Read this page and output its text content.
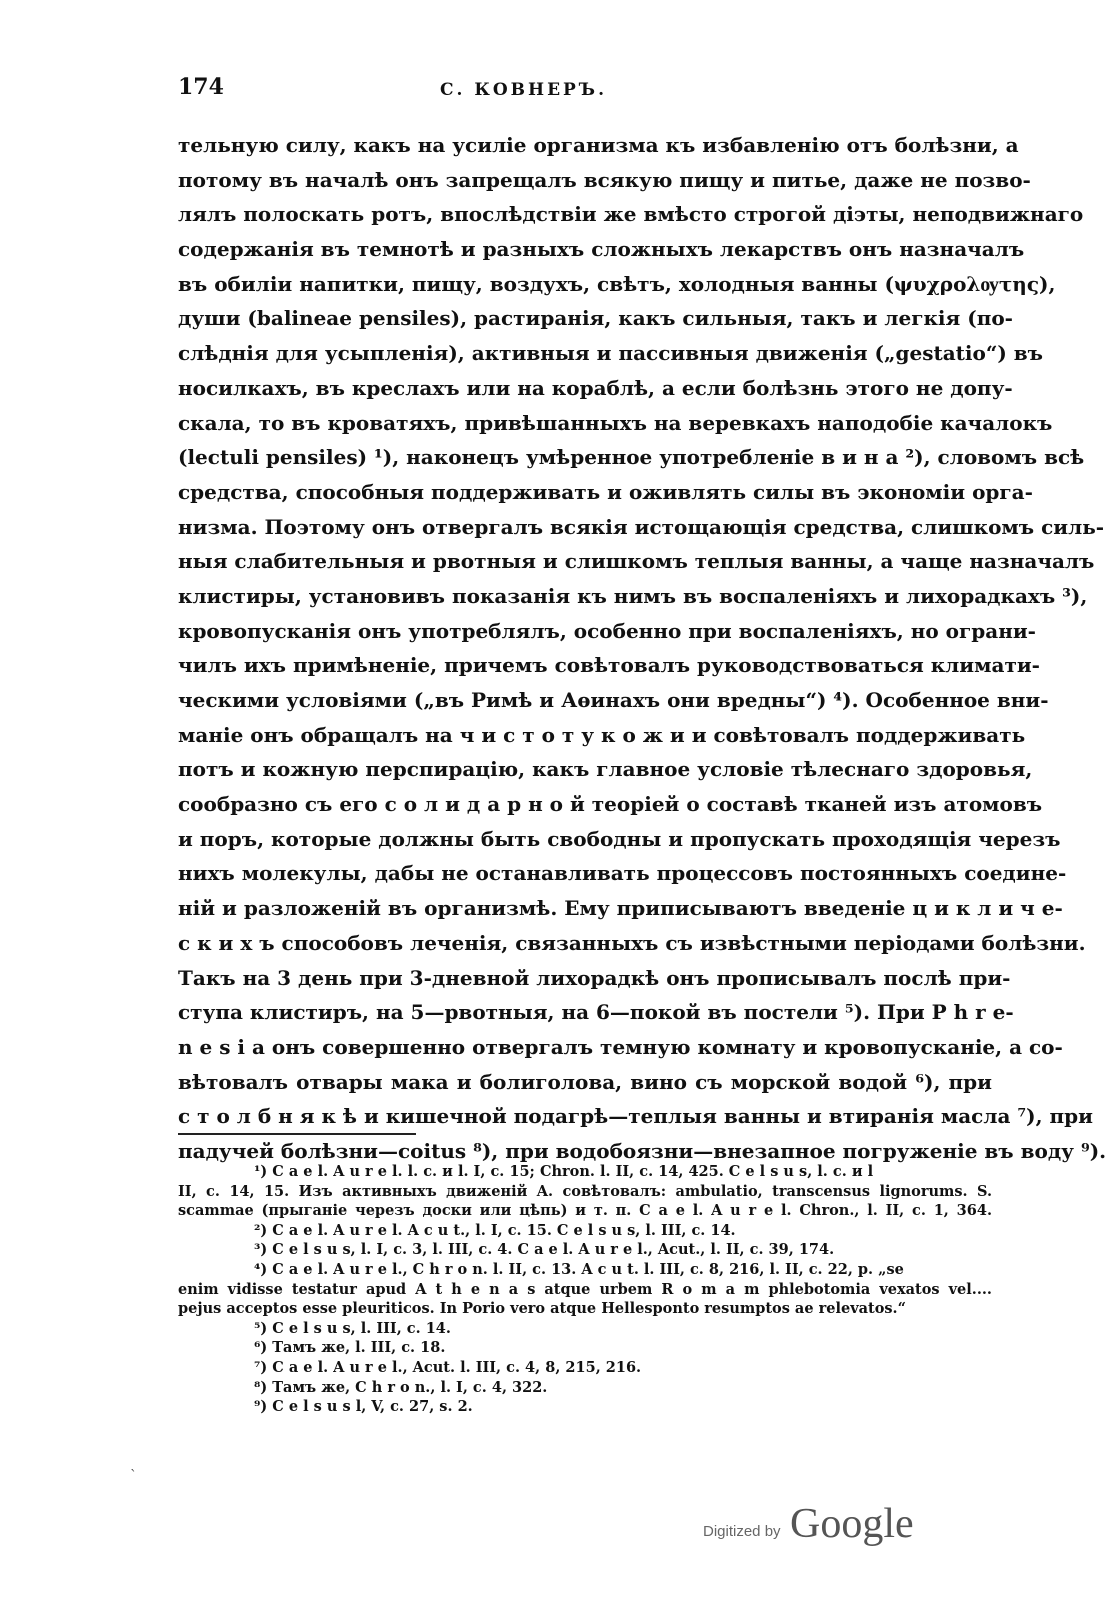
174	С. КОВНЕРЪ.
тельную силу, какъ на усиліе организма къ избавленію отъ болѣзни, а
потому въ началѣ онъ запрещалъ всякую пищу и питье, даже не позво-
лялъ полоскать ротъ, впослѣдствіи же вмѣсто строгой діэты, неподвижнаго
содержанія въ темнотѣ и разныхъ сложныхъ лекарствъ онъ назначалъ
въ обиліи напитки, пищу, воздухъ, свѣтъ, холодныя ванны (ψυχρολѹτης),
души (balineae pensiles), растиранія, какъ сильныя, такъ и легкія (по-
слѣднія для усыпленія), активныя и пассивныя движенія („gestatio“) въ
носилкахъ, въ креслахъ или на кораблѣ, а если болѣзнь этого не допу-
скала, то въ кроватяхъ, привѣшанныхъ на веревкахъ наподобіе качалокъ
(lectuli pensiles) ¹), наконецъ умѣренное употребленіе в и н а ²), словомъ всѣ
средства, способныя поддерживать и оживлять силы въ экономіи орга-
низма. Поэтому онъ отвергалъ всякія истощающія средства, слишкомъ силь-
ныя слабительныя и рвотныя и слишкомъ теплыя ванны, а чаще назначалъ
клистиры, установивъ показанія къ нимъ въ воспаленіяхъ и лихорадкахъ ³),
кровопусканія онъ употреблялъ, особенно при воспаленіяхъ, но ограни-
чилъ ихъ примѣненіе, причемъ совѣтовалъ руководствоваться климати-
ческими условіями („въ Римѣ и Аѳинахъ они вредны“) ⁴). Особенное вни-
маніе онъ обращалъ на ч и с т о т у к о ж и и совѣтовалъ поддерживать
потъ и кожную перспирацію, какъ главное условіе тѣлеснаго здоровья,
сообразно съ его с о л и д а р н о й теоріей о составѣ тканей изъ атомовъ
и поръ, которые должны быть свободны и пропускать проходящія черезъ
нихъ молекулы, дабы не останавливать процессовъ постоянныхъ соедине-
ній и разложеній въ организмѣ. Ему приписываютъ введеніе ц и к л и ч е-
с к и х ъ способовъ леченія, связанныхъ съ извѣстными періодами болѣзни.
Такъ на 3 день при 3-дневной лихорадкѣ онъ прописывалъ послѣ при-
ступа клистиръ, на 5—рвотныя, на 6—покой въ постели ⁵). При P h r e-
n e s i a онъ совершенно отвергалъ темную комнату и кровопусканіе, а со-
вѣтовалъ отвары мака и болиголова, вино съ морской водой ⁶), при
с т о л б н я к ѣ и кишечной подагрѣ—теплыя ванны и втиранія масла ⁷), при
падучей болѣзни—coitus ⁸), при водобоязни—внезапное погруженіе въ воду ⁹).
¹) C a e l. A u r e l. l. c. и l. I, c. 15; Chron. l. II, c. 14, 425. C e l s u s, l. c. и l
II, c. 14, 15. Изъ активныхъ движеній A. совѣтовалъ: ambulatio, transcensus lignorums. S.
scammae (прыганіе черезъ доски или цѣпь) и т. п. C a e l. A u r e l. Chron., l. II, c. 1, 364.
²) C a e l. A u r e l. A c u t., l. I, c. 15. C e l s u s, l. III, c. 14.
³) C e l s u s, l. I, c. 3, l. III, c. 4. C a e l. A u r e l., Acut., l. II, c. 39, 174.
⁴) C a e l. A u r e l., C h r o n. l. II, c. 13. A c u t. l. III, c. 8, 216, l. II, c. 22, p. „se
enim vidisse testatur apud A t h e n a s atque urbem R o m a m phlebotomia vexatos vel....
pejus acceptos esse pleuriticos. In Porio vero atque Hellesponto resumptos ae relevatos.“
⁵) C e l s u s, l. III, c. 14.
⁶) Тамъ же, l. III, c. 18.
⁷) C a e l. A u r e l., Acut. l. III, c. 4, 8, 215, 216.
⁸) Тамъ же, C h r o n., l. I, c. 4, 322.
⁹) C e l s u s l, V, c. 27, s. 2.
ˋ
Digitized by Google
